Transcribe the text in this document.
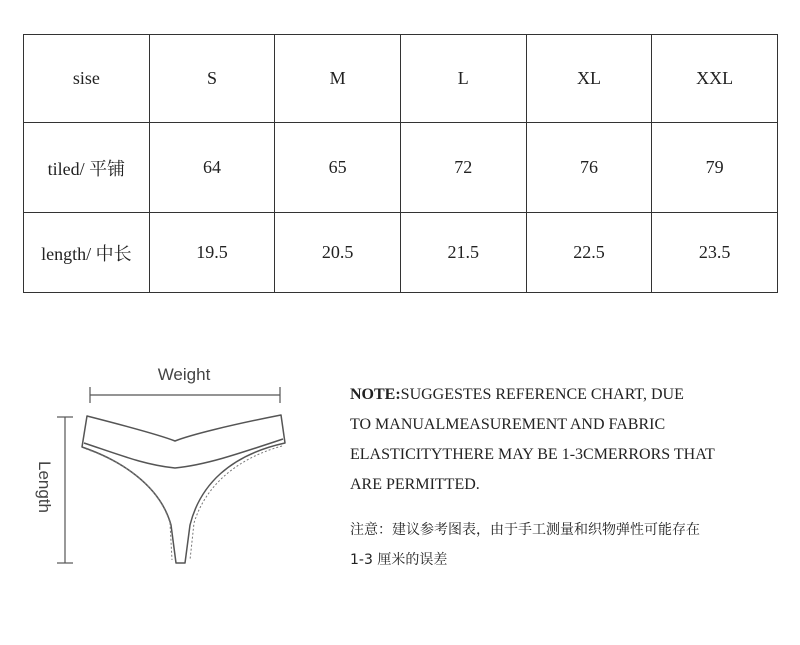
sise	S	M	L	XL	XXL
tiled/ 平铺	64	65	72	76	79
length/ 中长	19.5	20.5	21.5	22.5	23.5
Weight
Length
NOTE:SUGGESTES REFERENCE CHART, DUE
TO MANUALMEASUREMENT AND FABRIC
ELASTICITYTHERE MAY BE 1-3CMERRORS THAT
ARE PERMITTED.
注意：建议参考图表，由于手工测量和织物弹性可能存在
1-3 厘米的误差
